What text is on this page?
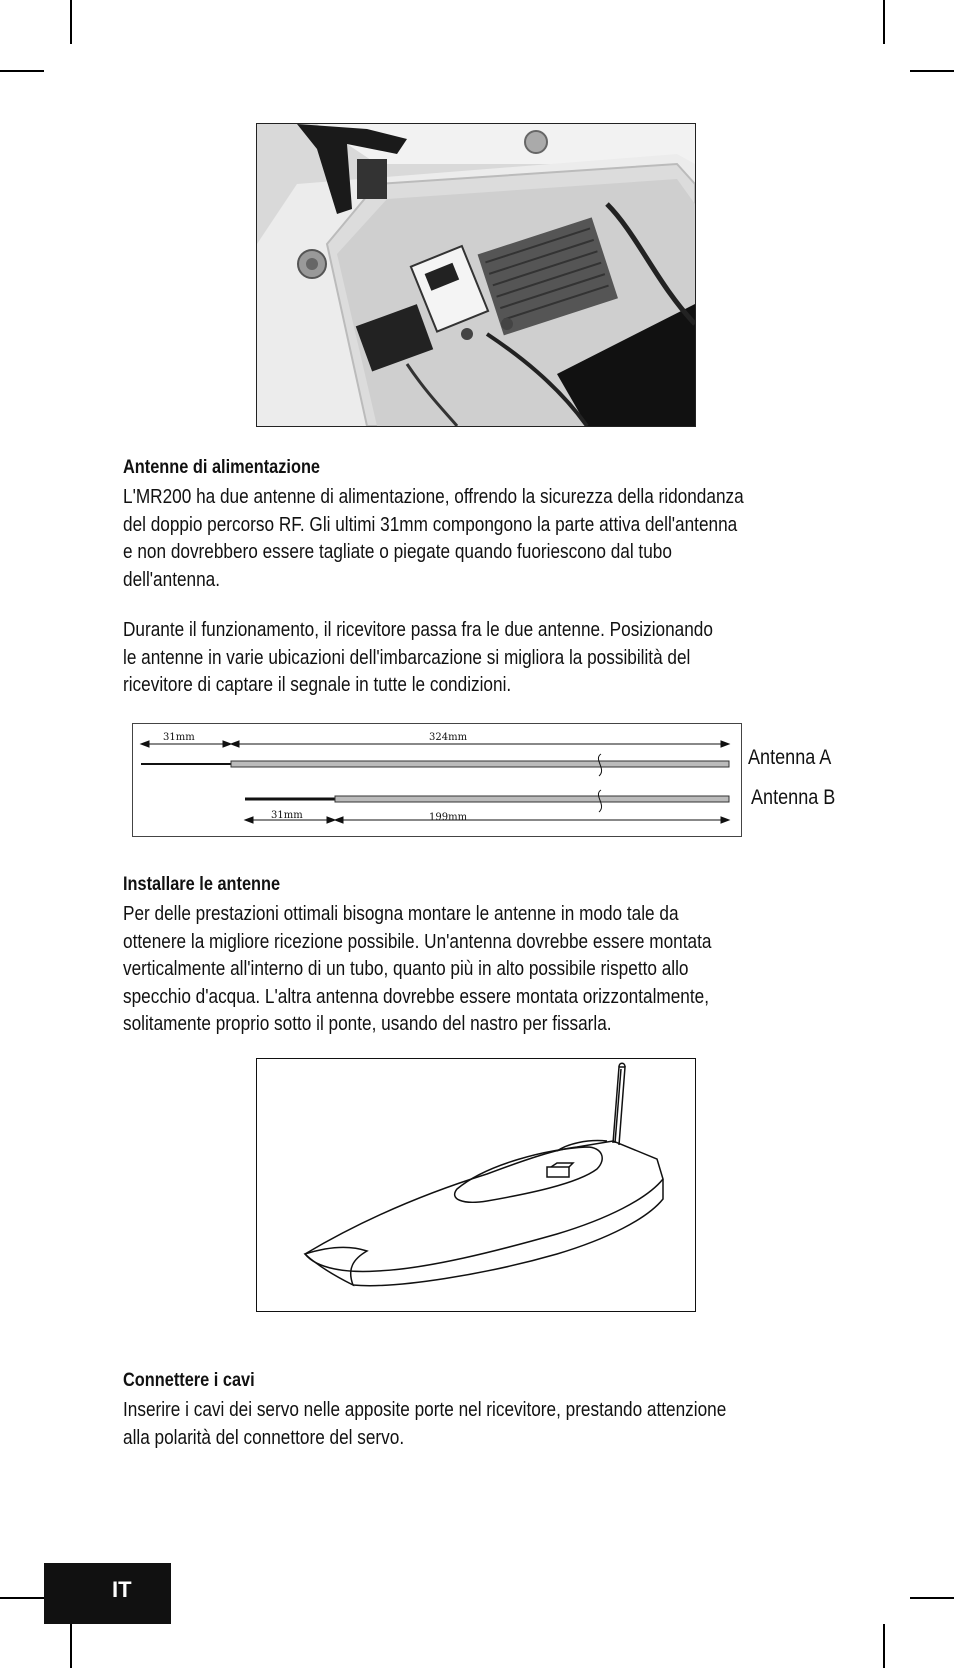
Antenne di alimentazione
L'MR200 ha due antenne di alimentazione, offrendo la sicurezza della ridondanza
del doppio percorso RF. Gli ultimi 31mm compongono la parte attiva dell'antenna
e non dovrebbero essere tagliate o piegate quando fuoriescono dal tubo
dell'antenna.
Durante il funzionamento, il ricevitore passa fra le due antenne. Posizionando
le antenne in varie ubicazioni dell'imbarcazione si migliora la possibilità del
ricevitore di captare il segnale in tutte le condizioni.
31mm	324mm
31mm	199mm
Antenna A
Antenna B
Installare le antenne
Per delle prestazioni ottimali bisogna montare le antenne in modo tale da
ottenere la migliore ricezione possibile. Un'antenna dovrebbe essere montata
verticalmente all'interno di un tubo, quanto più in alto possibile rispetto allo
specchio d'acqua. L'altra antenna dovrebbe essere montata orizzontalmente,
solitamente proprio sotto il ponte, usando del nastro per fissarla.
Connettere i cavi
Inserire i cavi dei servo nelle apposite porte nel ricevitore, prestando attenzione
alla polarità del connettore del servo.
IT
